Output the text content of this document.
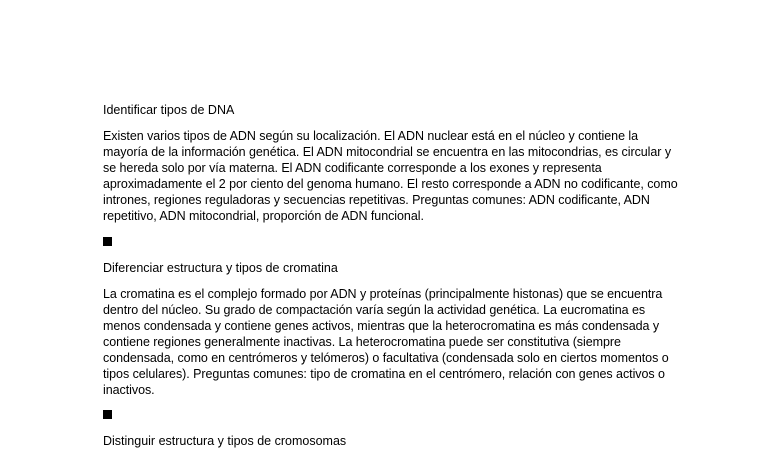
Identificar tipos de DNA

Existen varios tipos de ADN según su localización. El ADN nuclear está en el núcleo y contiene la mayoría de la información genética. El ADN mitocondrial se encuentra en las mitocondrias, es circular y se hereda solo por vía materna. El ADN codificante corresponde a los exones y representa aproximadamente el 2 por ciento del genoma humano. El resto corresponde a ADN no codificante, como intrones, regiones reguladoras y secuencias repetitivas. Preguntas comunes: ADN codificante, ADN repetitivo, ADN mitocondrial, proporción de ADN funcional.

Diferenciar estructura y tipos de cromatina

La cromatina es el complejo formado por ADN y proteínas (principalmente histonas) que se encuentra dentro del núcleo. Su grado de compactación varía según la actividad genética. La eucromatina es menos condensada y contiene genes activos, mientras que la heterocromatina es más condensada y contiene regiones generalmente inactivas. La heterocromatina puede ser constitutiva (siempre condensada, como en centrómeros y telómeros) o facultativa (condensada solo en ciertos momentos o tipos celulares). Preguntas comunes: tipo de cromatina en el centrómero, relación con genes activos o inactivos.

Distinguir estructura y tipos de cromosomas
